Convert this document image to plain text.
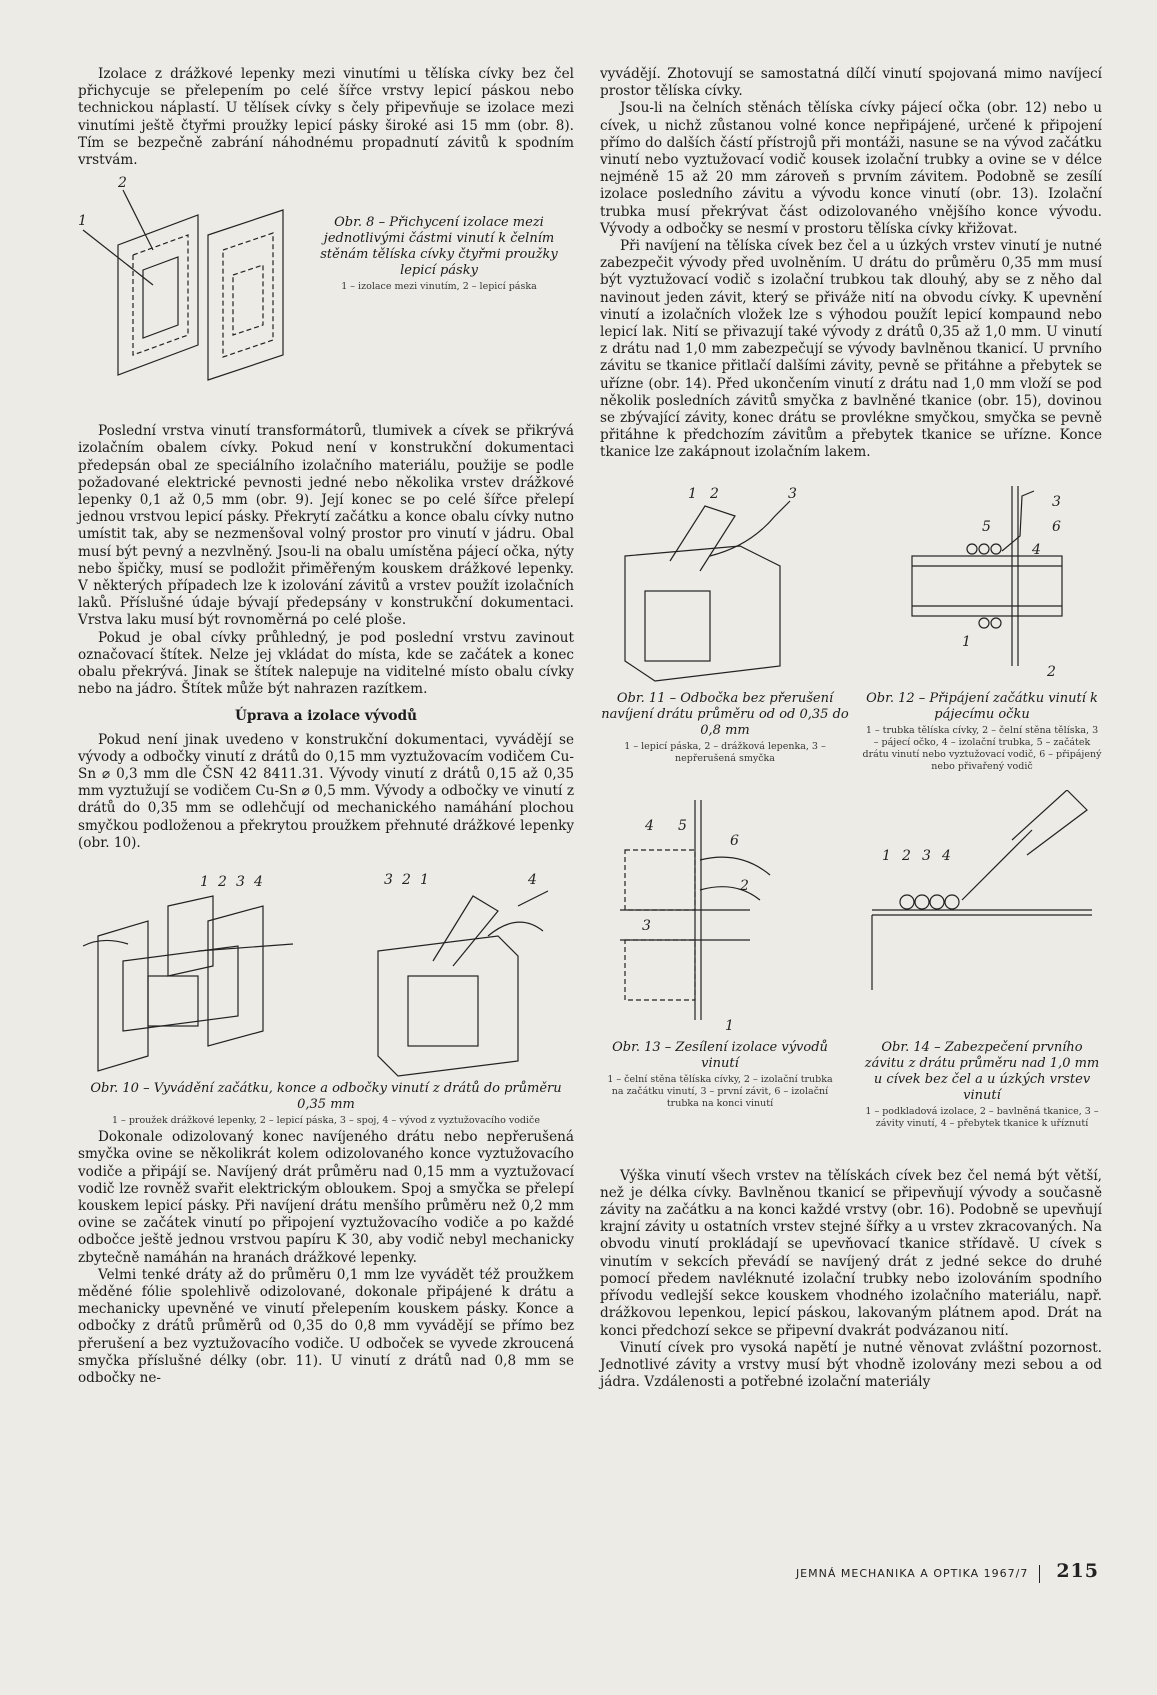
Izolace z drážkové lepenky mezi vinutími u tělíska cívky bez čel přichycuje se přelepením po celé šířce vrstvy lepicí páskou nebo technickou náplastí. U tělísek cívky s čely připevňuje se izolace mezi vinutími ještě čtyřmi proužky lepicí pásky široké asi 15 mm (obr. 8). Tím se bezpečně zabrání náhodnému propadnutí závitů k spodním vrstvám.

1
2
Obr. 8 – Přichycení izolace mezi jednotlivými částmi vinutí k čelním stěnám tělíska cívky čtyřmi proužky lepicí pásky
1 – izolace mezi vinutím, 2 – lepicí páska

Poslední vrstva vinutí transformátorů, tlumivek a cívek se přikrývá izolačním obalem cívky. Pokud není v konstrukční dokumentaci předepsán obal ze speciálního izolačního materiálu, použije se podle požadované elektrické pevnosti jedné nebo několika vrstev drážkové lepenky 0,1 až 0,5 mm (obr. 9). Její konec se po celé šířce přelepí jednou vrstvou lepicí pásky. Překrytí začátku a konce obalu cívky nutno umístit tak, aby se nezmenšoval volný prostor pro vinutí v jádru. Obal musí být pevný a nezvlněný. Jsou-li na obalu umístěna pájecí očka, nýty nebo špičky, musí se podložit přiměřeným kouskem drážkové lepenky. V některých případech lze k izolování závitů a vrstev použít izolačních laků. Příslušné údaje bývají předepsány v konstrukční dokumentaci. Vrstva laku musí být rovnoměrná po celé ploše.

Pokud je obal cívky průhledný, je pod poslední vrstvu zavinout označovací štítek. Nelze jej vkládat do místa, kde se začátek a konec obalu překrývá. Jinak se štítek nalepuje na viditelné místo obalu cívky nebo na jádro. Štítek může být nahrazen razítkem.

Úprava a izolace vývodů

Pokud není jinak uvedeno v konstrukční dokumentaci, vyvádějí se vývody a odbočky vinutí z drátů do 0,15 mm vyztužovacím vodičem Cu-Sn ⌀ 0,3 mm dle ČSN 42 8411.31. Vývody vinutí z drátů 0,15 až 0,35 mm vyztužují se vodičem Cu-Sn ⌀ 0,5 mm. Vývody a odbočky ve vinutí z drátů do 0,35 mm se odlehčují od mechanického namáhání plochou smyčkou podloženou a překrytou proužkem přehnuté drážkové lepenky (obr. 10).

1 2 3 4	3 2 1	4
Obr. 10 – Vyvádění začátku, konce a odbočky vinutí z drátů do průměru 0,35 mm
1 – proužek drážkové lepenky, 2 – lepicí páska, 3 – spoj, 4 – vývod z vyztužovacího vodiče

Dokonale odizolovaný konec navíjeného drátu nebo nepřerušená smyčka ovine se několikrát kolem odizolovaného konce vyztužovacího vodiče a připájí se. Navíjený drát průměru nad 0,15 mm a vyztužovací vodič lze rovněž svařit elektrickým obloukem. Spoj a smyčka se přelepí kouskem lepicí pásky. Při navíjení drátu menšího průměru než 0,2 mm ovine se začátek vinutí po připojení vyztužovacího vodiče a po každé odbočce ještě jednou vrstvou papíru K 30, aby vodič nebyl mechanicky zbytečně namáhán na hranách drážkové lepenky.

Velmi tenké dráty až do průměru 0,1 mm lze vyvádět též proužkem měděné fólie spolehlivě odizolované, dokonale připájené k drátu a mechanicky upevněné ve vinutí přelepením kouskem pásky. Konce a odbočky z drátů průměrů od 0,35 do 0,8 mm vyvádějí se přímo bez přerušení a bez vyztužovacího vodiče. U odboček se vyvede zkroucená smyčka příslušné délky (obr. 11). U vinutí z drátů nad 0,8 mm se odbočky ne-

vyvádějí. Zhotovují se samostatná dílčí vinutí spojovaná mimo navíjecí prostor tělíska cívky.

Jsou-li na čelních stěnách tělíska cívky pájecí očka (obr. 12) nebo u cívek, u nichž zůstanou volné konce nepřipájené, určené k připojení přímo do dalších částí přístrojů při montáži, nasune se na vývod začátku vinutí nebo vyztužovací vodič kousek izolační trubky a ovine se v délce nejméně 15 až 20 mm zároveň s prvním závitem. Podobně se zesílí izolace posledního závitu a vývodu konce vinutí (obr. 13). Izolační trubka musí překrývat část odizolovaného vnějšího konce vývodu. Vývody a odbočky se nesmí v prostoru tělíska cívky křižovat.

Při navíjení na tělíska cívek bez čel a u úzkých vrstev vinutí je nutné zabezpečit vývody před uvolněním. U drátu do průměru 0,35 mm musí být vyztužovací vodič s izolační trubkou tak dlouhý, aby se z něho dal navinout jeden závit, který se přiváže nití na obvodu cívky. K upevnění vinutí a izolačních vložek lze s výhodou použít lepicí kompaund nebo lepicí lak. Nití se přivazují také vývody z drátů 0,35 až 1,0 mm. U vinutí z drátu nad 1,0 mm zabezpečují se vývody bavlněnou tkanicí. U prvního závitu se tkanice přitlačí dalšími závity, pevně se přitáhne a přebytek se uřízne (obr. 14). Před ukončením vinutí z drátu nad 1,0 mm vloží se pod několik posledních závitů smyčka z bavlněné tkanice (obr. 15), dovinou se zbývající závity, konec drátu se provlékne smyčkou, smyčka se pevně přitáhne k předchozím závitům a přebytek tkanice se uřízne. Konce tkanice lze zakápnout izolačním lakem.

1 2	3
Obr. 11 – Odbočka bez přerušení navíjení drátu průměru od od 0,35 do 0,8 mm
1 – lepicí páska, 2 – drážková lepenka, 3 – nepřerušená smyčka
3
5	6
4
1
2
Obr. 12 – Připájení začátku vinutí k pájecímu očku
1 – trubka tělíska cívky, 2 – čelní stěna tělíska, 3 – pájecí očko, 4 – izolační trubka, 5 – začátek drátu vinutí nebo vyztužovací vodič, 6 – připájený nebo přivařený vodič
4 5
6
2
3
1
Obr. 13 – Zesílení izolace vývodů vinutí
1 – čelní stěna tělíska cívky, 2 – izolační trubka na začátku vinutí, 3 – první závit, 6 – izolační trubka na konci vinutí
1 2 3 4
Obr. 14 – Zabezpečení prvního závitu z drátu průměru nad 1,0 mm u cívek bez čel a u úzkých vrstev vinutí
1 – podkladová izolace, 2 – bavlněná tkanice, 3 – závity vinutí, 4 – přebytek tkanice k uříznutí

Výška vinutí všech vrstev na tělískách cívek bez čel nemá být větší, než je délka cívky. Bavlněnou tkanicí se připevňují vývody a současně závity na začátku a na konci každé vrstvy (obr. 16). Podobně se upevňují krajní závity u ostatních vrstev stejné šířky a u vrstev zkracovaných. Na obvodu vinutí prokládají se upevňovací tkanice střídavě. U cívek s vinutím v sekcích převádí se navíjený drát z jedné sekce do druhé pomocí předem navléknuté izolační trubky nebo izolováním spodního přívodu vedlejší sekce kouskem vhodného izolačního materiálu, např. drážkovou lepenkou, lepicí páskou, lakovaným plátnem apod. Drát na konci předchozí sekce se připevní dvakrát podvázanou nití.

Vinutí cívek pro vysoká napětí je nutné věnovat zvláštní pozornost. Jednotlivé závity a vrstvy musí být vhodně izolovány mezi sebou a od jádra. Vzdálenosti a potřebné izolační materiály

JEMNÁ MECHANIKA A OPTIKA 1967/7 215
